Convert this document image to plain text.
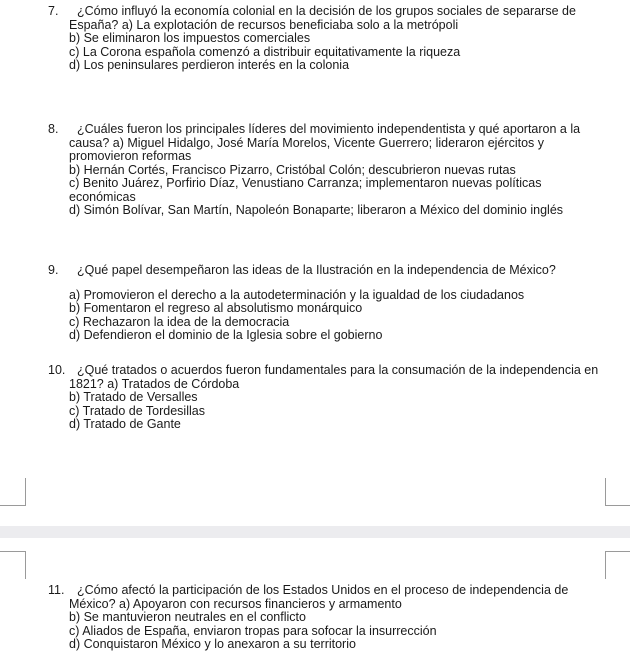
7.	¿Cómo influyó la economía colonial en la decisión de los grupos sociales de separarse de España? a) La explotación de recursos beneficiaba solo a la metrópoli

b) Se eliminaron los impuestos comerciales

c) La Corona española comenzó a distribuir equitativamente la riqueza

d) Los peninsulares perdieron interés en la colonia

8.	¿Cuáles fueron los principales líderes del movimiento independentista y qué aportaron a la causa? a) Miguel Hidalgo, José María Morelos, Vicente Guerrero; lideraron ejércitos y promovieron reformas

b) Hernán Cortés, Francisco Pizarro, Cristóbal Colón; descubrieron nuevas rutas

c) Benito Juárez, Porfirio Díaz, Venustiano Carranza; implementaron nuevas políticas económicas

d) Simón Bolívar, San Martín, Napoleón Bonaparte; liberaron a México del dominio inglés

9.	¿Qué papel desempeñaron las ideas de la Ilustración en la independencia de México?

a) Promovieron el derecho a la autodeterminación y la igualdad de los ciudadanos

b) Fomentaron el regreso al absolutismo monárquico

c) Rechazaron la idea de la democracia

d) Defendieron el dominio de la Iglesia sobre el gobierno

10. ¿Qué tratados o acuerdos fueron fundamentales para la consumación de la independencia en 1821? a) Tratados de Córdoba

b) Tratado de Versalles

c) Tratado de Tordesillas

d) Tratado de Gante

11.	¿Cómo afectó la participación de los Estados Unidos en el proceso de independencia de México? a) Apoyaron con recursos financieros y armamento

b) Se mantuvieron neutrales en el conflicto

c) Aliados de España, enviaron tropas para sofocar la insurrección

d) Conquistaron México y lo anexaron a su territorio
